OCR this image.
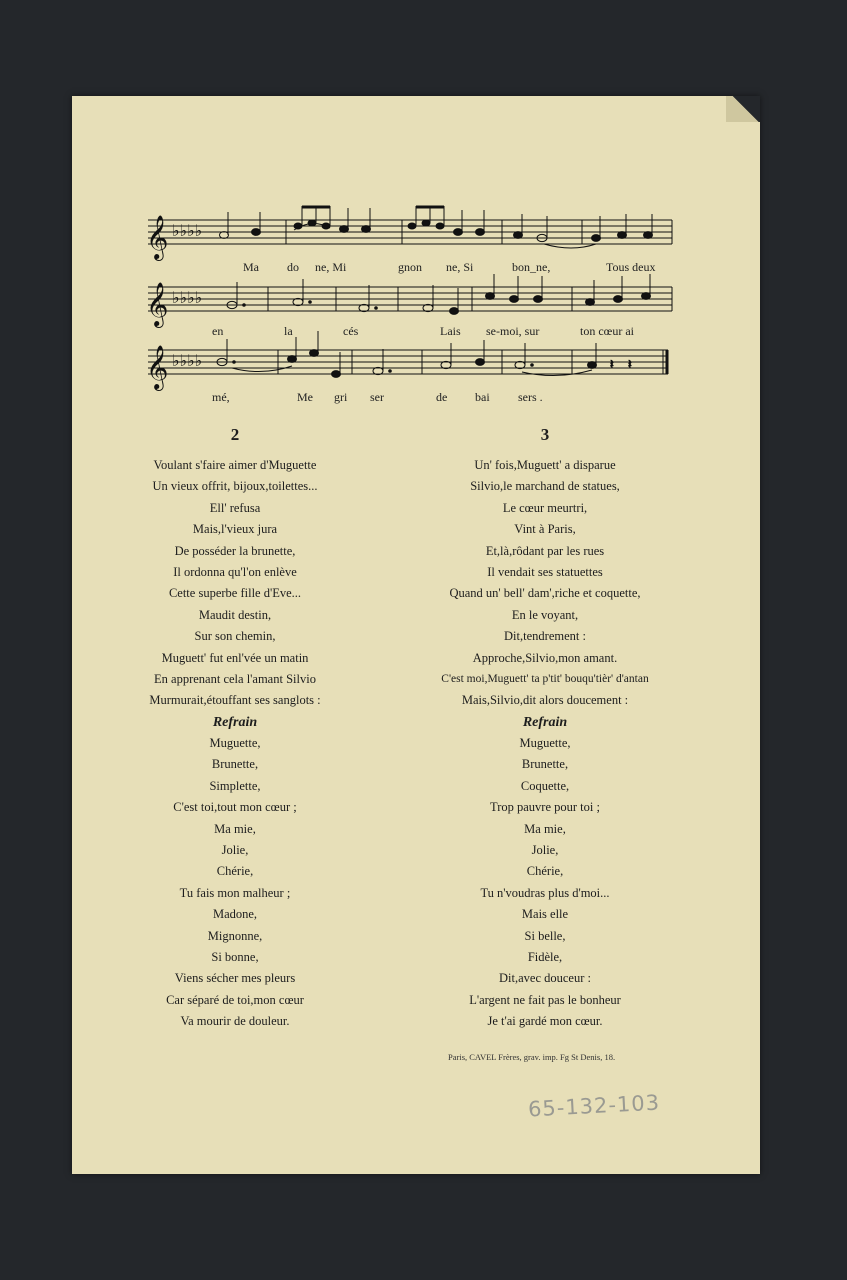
𝄞
𝄞
𝄞
♭♭♭♭
♭♭♭♭
♭♭♭♭	𝄽 𝄽
Ma do ne, Mi	gnon ne, Si	bon_ne,	Tous deux
en	la	cés	Lais se-moi, sur	ton cœur ai
mé,	Me gri ser	de bai sers .
2
Voulant s'faire aimer d'Muguette
Un vieux offrit, bijoux,toilettes...
Ell' refusa
Mais,l'vieux jura
De posséder la brunette,
Il ordonna qu'l'on enlève
Cette superbe fille d'Eve...
Maudit destin,
Sur son chemin,
Muguett' fut enl'vée un matin
En apprenant cela l'amant Silvio
Murmurait,étouffant ses sanglots :
Refrain
Muguette,
Brunette,
Simplette,
C'est toi,tout mon cœur ;
Ma mie,
Jolie,
Chérie,
Tu fais mon malheur ;
Madone,
Mignonne,
Si bonne,
Viens sécher mes pleurs
Car séparé de toi,mon cœur
Va mourir de douleur.
3
Un' fois,Muguett' a disparue
Silvio,le marchand de statues,
Le cœur meurtri,
Vint à Paris,
Et,là,rôdant par les rues
Il vendait ses statuettes
Quand un' bell' dam',riche et coquette,
En le voyant,
Dit,tendrement :
Approche,Silvio,mon amant.
C'est moi,Muguett' ta p'tit' bouqu'tièr' d'antan
Mais,Silvio,dit alors doucement :
Refrain
Muguette,
Brunette,
Coquette,
Trop pauvre pour toi ;
Ma mie,
Jolie,
Chérie,
Tu n'voudras plus d'moi...
Mais elle
Si belle,
Fidèle,
Dit,avec douceur :
L'argent ne fait pas le bonheur
Je t'ai gardé mon cœur.
Paris, CAVEL Frères, grav. imp. Fg St Denis, 18.
65-132-103
